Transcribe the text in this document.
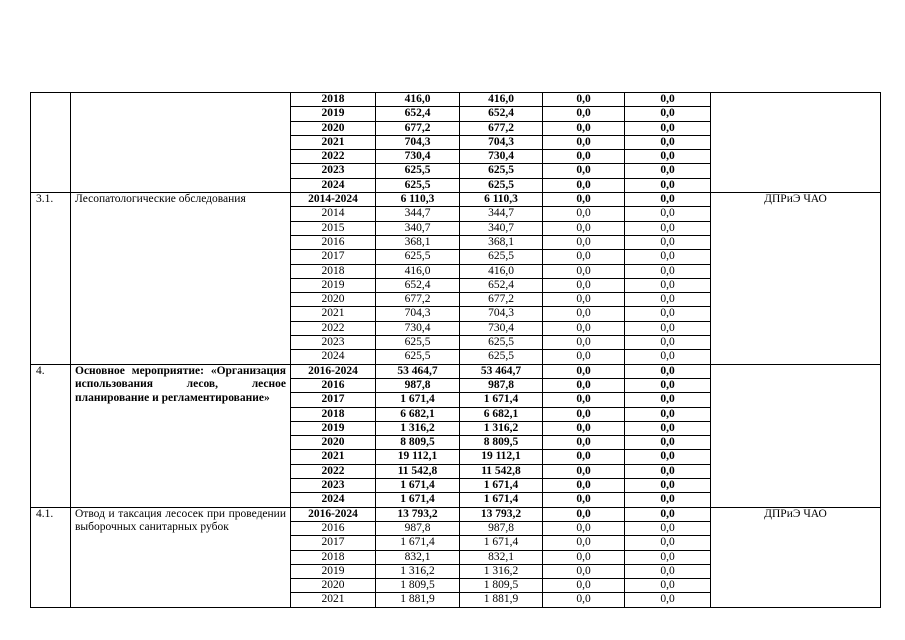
		2018	416,0	416,0	0,0	0,0	
		2019	652,4	652,4	0,0	0,0	
		2020	677,2	677,2	0,0	0,0	
		2021	704,3	704,3	0,0	0,0	
		2022	730,4	730,4	0,0	0,0	
		2023	625,5	625,5	0,0	0,0	
		2024	625,5	625,5	0,0	0,0	
3.1.	Лесопатологические обследования	2014-2024	6 110,3	6 110,3	0,0	0,0	ДПРиЭ ЧАО
		2014	344,7	344,7	0,0	0,0	
		2015	340,7	340,7	0,0	0,0	
		2016	368,1	368,1	0,0	0,0	
		2017	625,5	625,5	0,0	0,0	
		2018	416,0	416,0	0,0	0,0	
		2019	652,4	652,4	0,0	0,0	
		2020	677,2	677,2	0,0	0,0	
		2021	704,3	704,3	0,0	0,0	
		2022	730,4	730,4	0,0	0,0	
		2023	625,5	625,5	0,0	0,0	
		2024	625,5	625,5	0,0	0,0	
4.	Основное мероприятие: «Организация использования лесов, лесное планирование и регламентирование»	2016-2024	53 464,7	53 464,7	0,0	0,0	
		2016	987,8	987,8	0,0	0,0	
		2017	1 671,4	1 671,4	0,0	0,0	
		2018	6 682,1	6 682,1	0,0	0,0	
		2019	1 316,2	1 316,2	0,0	0,0	
		2020	8 809,5	8 809,5	0,0	0,0	
		2021	19 112,1	19 112,1	0,0	0,0	
		2022	11 542,8	11 542,8	0,0	0,0	
		2023	1 671,4	1 671,4	0,0	0,0	
		2024	1 671,4	1 671,4	0,0	0,0	
4.1.	Отвод и таксация лесосек при проведении выборочных санитарных рубок	2016-2024	13 793,2	13 793,2	0,0	0,0	ДПРиЭ ЧАО
		2016	987,8	987,8	0,0	0,0	
		2017	1 671,4	1 671,4	0,0	0,0	
		2018	832,1	832,1	0,0	0,0	
		2019	1 316,2	1 316,2	0,0	0,0	
		2020	1 809,5	1 809,5	0,0	0,0	
		2021	1 881,9	1 881,9	0,0	0,0	
